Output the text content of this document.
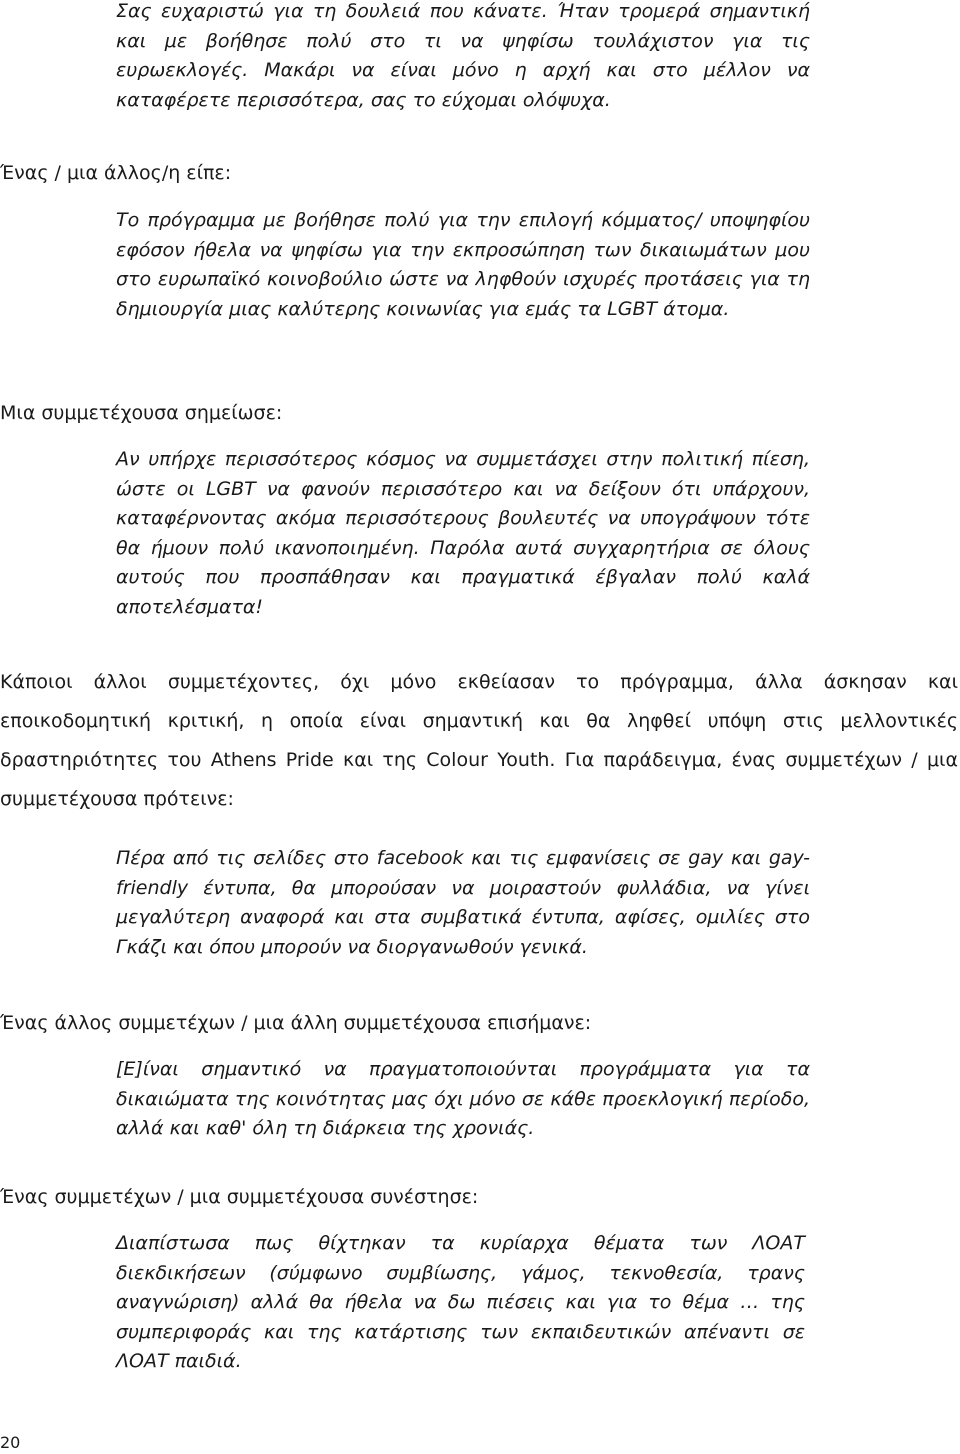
Σας ευχαριστώ για τη δουλειά που κάνατε. Ήταν τρομερά σημαντική και με βοήθησε πολύ στο τι να ψηφίσω τουλάχιστον για τις ευρωεκλογές. Μακάρι να είναι μόνο η αρχή και στο μέλλον να καταφέρετε περισσότερα, σας το εύχομαι ολόψυχα.

Ένας / μια άλλος/η είπε:

Το πρόγραμμα με βοήθησε πολύ για την επιλογή κόμματος/ υποψηφίου εφόσον ήθελα να ψηφίσω για την εκπροσώπηση των δικαιωμάτων μου στο ευρωπαϊκό κοινοβούλιο ώστε να ληφθούν ισχυρές προτάσεις για τη δημιουργία μιας καλύτερης κοινωνίας για εμάς τα LGBT άτομα.

Μια συμμετέχουσα σημείωσε:

Αν υπήρχε περισσότερος κόσμος να συμμετάσχει στην πολιτική πίεση, ώστε οι LGBT να φανούν περισσότερο και να δείξουν ότι υπάρχουν, καταφέρνοντας ακόμα περισσότερους βουλευτές να υπογράψουν τότε θα ήμουν πολύ ικανοποιημένη. Παρόλα αυτά συγχαρητήρια σε όλους αυτούς που προσπάθησαν και πραγματικά έβγαλαν πολύ καλά αποτελέσματα!

Κάποιοι άλλοι συμμετέχοντες, όχι μόνο εκθείασαν το πρόγραμμα, άλλα άσκησαν και εποικοδομητική κριτική, η οποία είναι σημαντική και θα ληφθεί υπόψη στις μελλοντικές δραστηριότητες του Athens Pride και της Colour Youth. Για παράδειγμα, ένας συμμετέχων / μια συμμετέχουσα πρότεινε:

Πέρα από τις σελίδες στο facebook και τις εμφανίσεις σε gay και gay-friendly έντυπα, θα μπορούσαν να μοιραστούν φυλλάδια, να γίνει μεγαλύτερη αναφορά και στα συμβατικά έντυπα, αφίσες, ομιλίες στο Γκάζι και όπου μπορούν να διοργανωθούν γενικά.

Ένας άλλος συμμετέχων / μια άλλη συμμετέχουσα επισήμανε:

[Ε]ίναι σημαντικό να πραγματοποιούνται προγράμματα για τα δικαιώματα της κοινότητας μας όχι μόνο σε κάθε προεκλογική περίοδο, αλλά και καθ' όλη τη διάρκεια της χρονιάς.

Ένας συμμετέχων / μια συμμετέχουσα συνέστησε:

Διαπίστωσα πως θίχτηκαν τα κυρίαρχα θέματα των ΛΟΑΤ διεκδικήσεων (σύμφωνο συμβίωσης, γάμος, τεκνοθεσία, τρανς αναγνώριση) αλλά θα ήθελα να δω πιέσεις και για το θέμα … της συμπεριφοράς και της κατάρτισης των εκπαιδευτικών απέναντι σε ΛΟΑΤ παιδιά.

20
